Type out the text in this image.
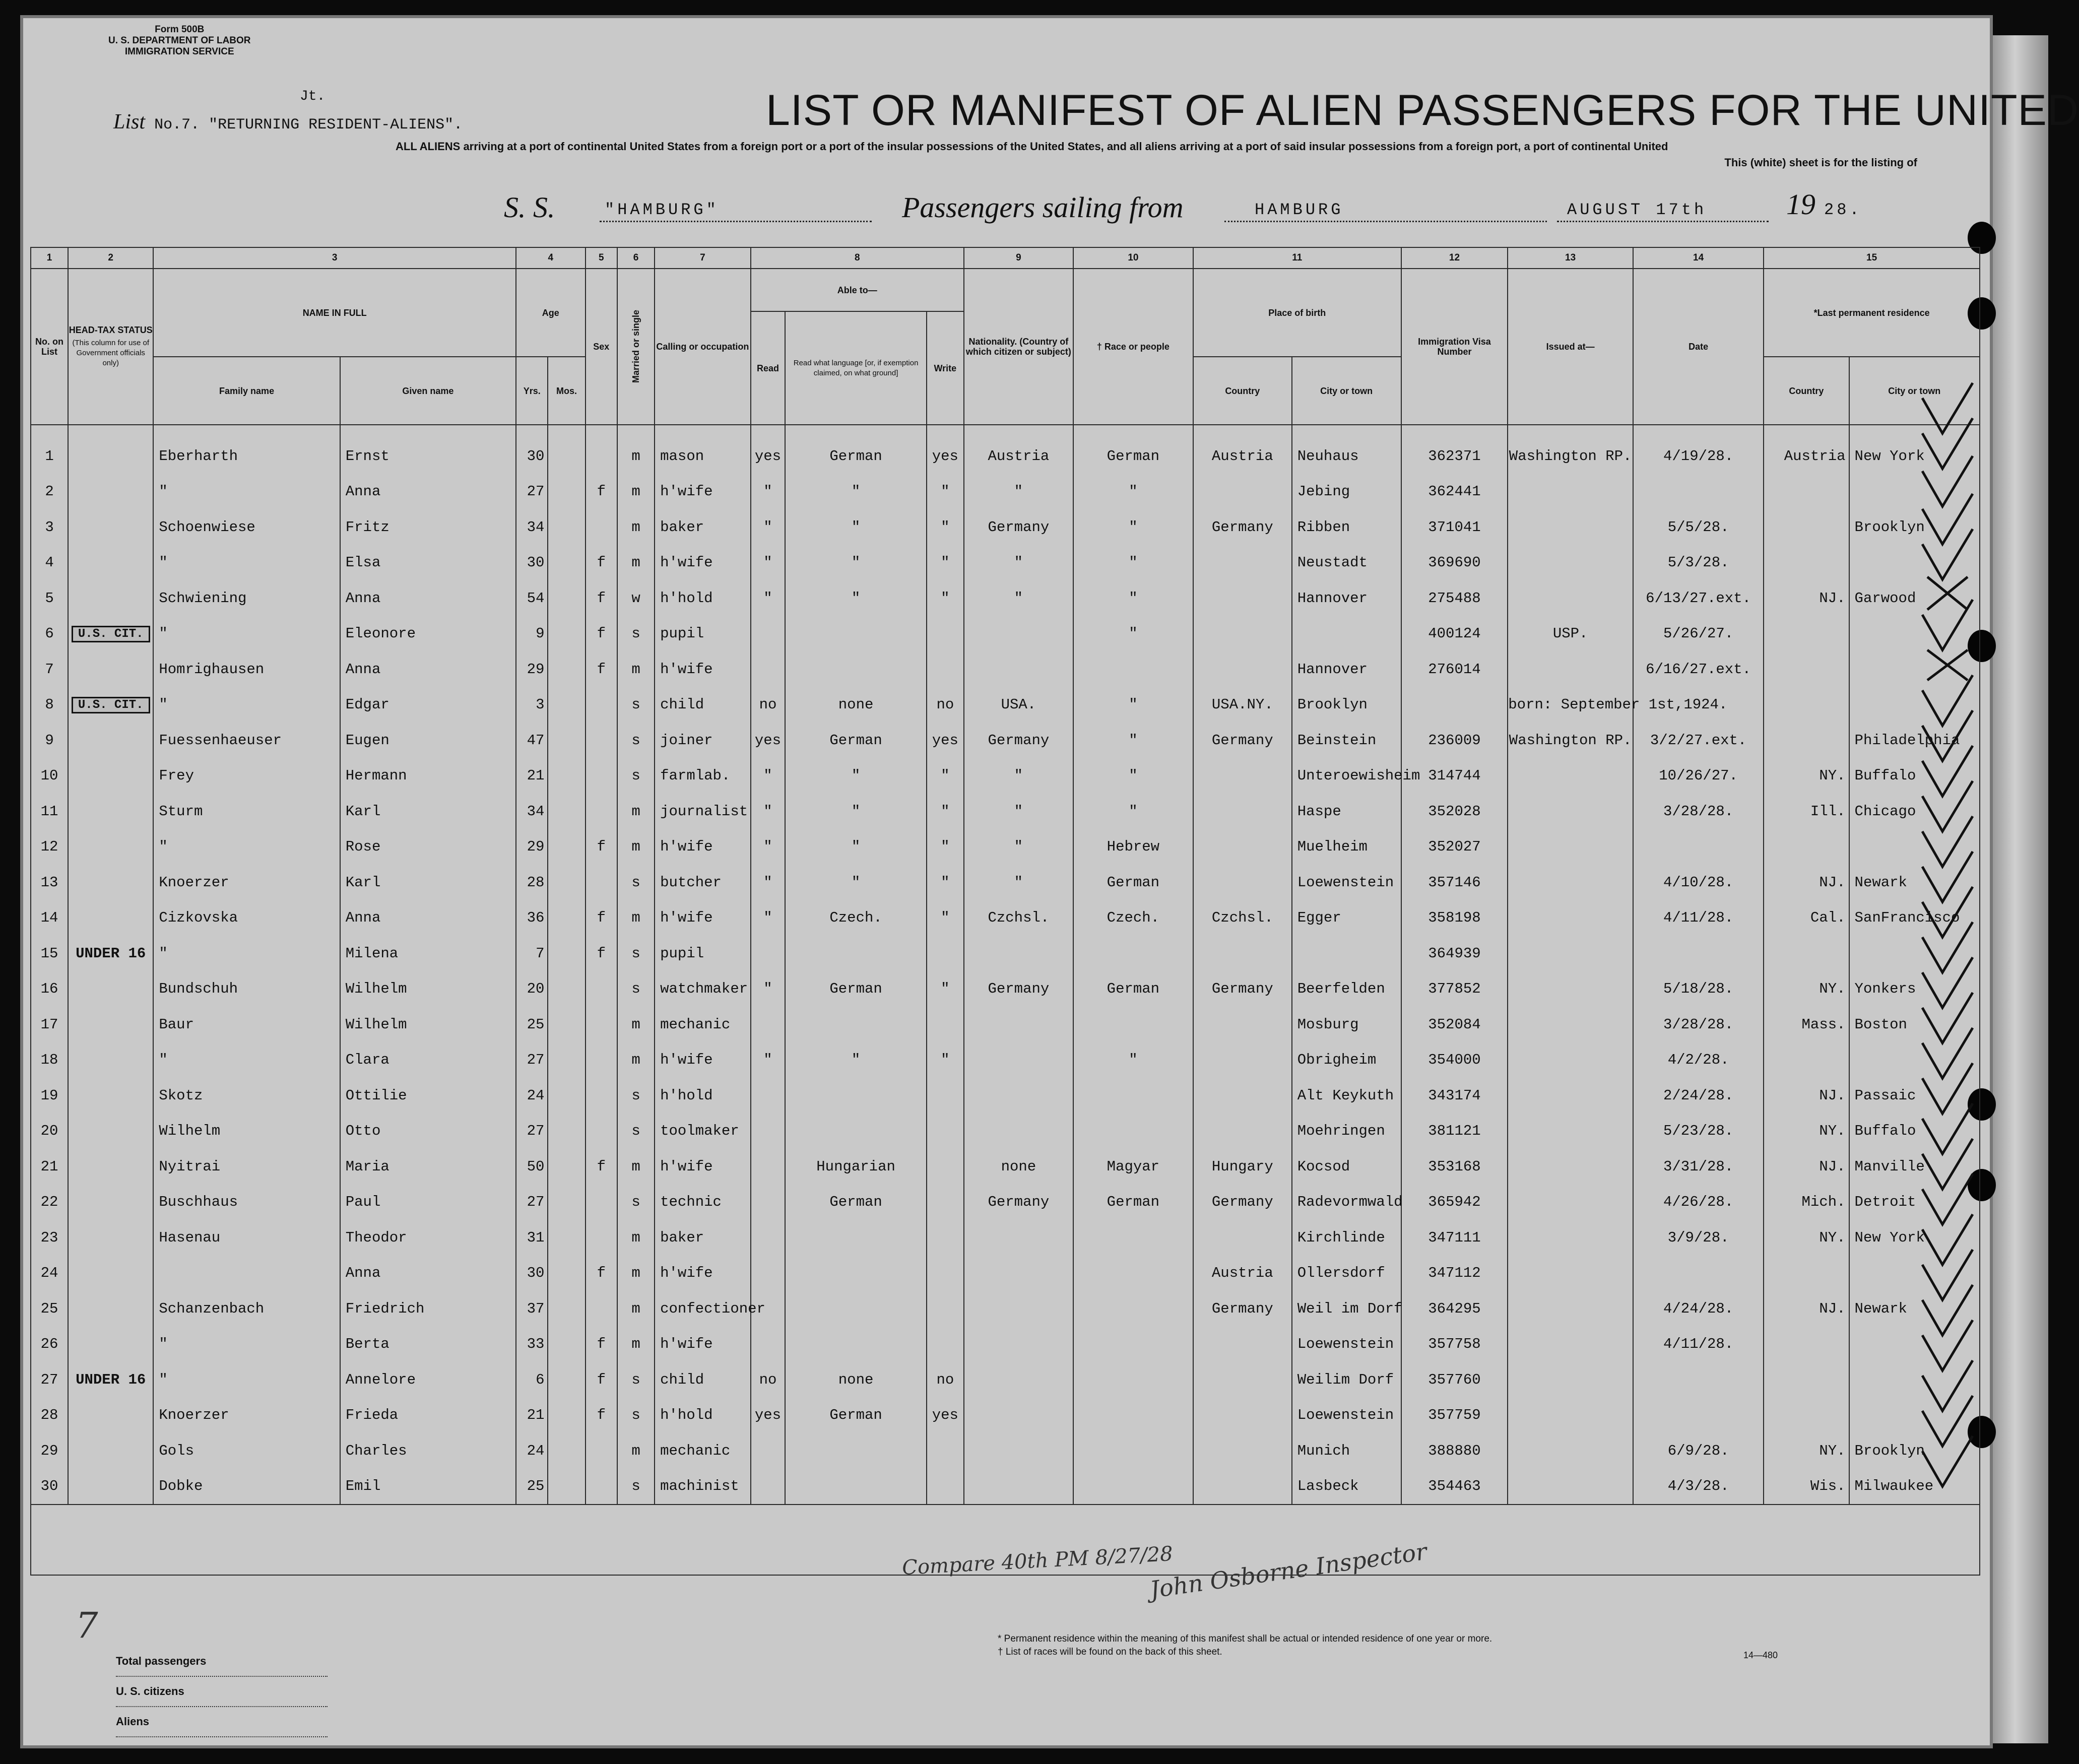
Form 500B
U. S. DEPARTMENT OF LABOR
IMMIGRATION SERVICE
Jt.
List No.7. "RETURNING RESIDENT-ALIENS".	LIST OR MANIFEST OF ALIEN PASSENGERS FOR THE UNITED
ALL ALIENS arriving at a port of continental United States from a foreign port or a port of the insular possessions of the United States, and all aliens arriving at a port of said insular possessions from a foreign port, a port of continental United
This (white) sheet is for the listing of
S. S.	"HAMBURG"	Passengers sailing from	HAMBURG	AUGUST 17th	19 28.
1	2	3		4		5	6	7	8			9	10	11		12	13	14	15	
No. on List	HEAD-TAX STATUS
(This column for use of Government officials only)	NAME IN FULL		Age		Sex	Married or single	Calling or occupation	Able to—			Nationality. (Country of which citizen or subject)	† Race or people	Place of birth		Immigration Visa Number	Issued at—	Date	*Last permanent residence	
									Read	Read what language [or, if exemption claimed, on what ground]	Write									
		Family name	Given name	Yrs.	Mos.									Country	City or town				Country	City or town
1		Eberharth	Ernst	30			m	mason	yes	German	yes	Austria	German	Austria	Neuhaus	362371	Washington RP.	4/19/28.	Austria	New York
2		"	Anna	27		f	m	h'wife	"	"	"	"	"		Jebing	362441				
3		Schoenwiese	Fritz	34			m	baker	"	"	"	Germany	"	Germany	Ribben	371041		5/5/28.		Brooklyn
4		"	Elsa	30		f	m	h'wife	"	"	"	"	"		Neustadt	369690		5/3/28.		
5		Schwiening	Anna	54		f	w	h'hold	"	"	"	"	"		Hannover	275488		6/13/27.ext.	NJ.	Garwood
6	U.S. CIT.	"	Eleonore	9		f	s	pupil					"			400124	USP.	5/26/27.		
7		Homrighausen	Anna	29		f	m	h'wife							Hannover	276014		6/16/27.ext.		
8	U.S. CIT.	"	Edgar	3			s	child	no	none	no	USA.	"	USA.NY.	Brooklyn		born: September 1st,1924.			
9		Fuessenhaeuser	Eugen	47			s	joiner	yes	German	yes	Germany	"	Germany	Beinstein	236009	Washington RP.	3/2/27.ext.		Philadelphia
10		Frey	Hermann	21			s	farmlab.	"	"	"	"	"		Unteroewisheim	314744		10/26/27.	NY.	Buffalo
11		Sturm	Karl	34			m	journalist	"	"	"	"	"		Haspe	352028		3/28/28.	Ill.	Chicago
12		"	Rose	29		f	m	h'wife	"	"	"	"	Hebrew		Muelheim	352027				
13		Knoerzer	Karl	28			s	butcher	"	"	"	"	German		Loewenstein	357146		4/10/28.	NJ.	Newark
14		Cizkovska	Anna	36		f	m	h'wife	"	Czech.	"	Czchsl.	Czech.	Czchsl.	Egger	358198		4/11/28.	Cal.	SanFrancisco
15	UNDER 16	"	Milena	7		f	s	pupil								364939				
16		Bundschuh	Wilhelm	20			s	watchmaker	"	German	"	Germany	German	Germany	Beerfelden	377852		5/18/28.	NY.	Yonkers
17		Baur	Wilhelm	25			m	mechanic							Mosburg	352084		3/28/28.	Mass.	Boston
18		"	Clara	27			m	h'wife	"	"	"		"		Obrigheim	354000		4/2/28.		
19		Skotz	Ottilie	24			s	h'hold							Alt Keykuth	343174		2/24/28.	NJ.	Passaic
20		Wilhelm	Otto	27			s	toolmaker							Moehringen	381121		5/23/28.	NY.	Buffalo
21		Nyitrai	Maria	50		f	m	h'wife		Hungarian		none	Magyar	Hungary	Kocsod	353168		3/31/28.	NJ.	Manville
22		Buschhaus	Paul	27			s	technic		German		Germany	German	Germany	Radevormwald	365942		4/26/28.	Mich.	Detroit
23		Hasenau	Theodor	31			m	baker							Kirchlinde	347111		3/9/28.	NY.	New York
24			Anna	30		f	m	h'wife						Austria	Ollersdorf	347112				
25		Schanzenbach	Friedrich	37			m	confectioner						Germany	Weil im Dorf	364295		4/24/28.	NJ.	Newark
26		"	Berta	33		f	m	h'wife							Loewenstein	357758		4/11/28.		
27	UNDER 16	"	Annelore	6		f	s	child	no	none	no				Weilim Dorf	357760				
28		Knoerzer	Frieda	21		f	s	h'hold	yes	German	yes				Loewenstein	357759				
29		Gols	Charles	24			m	mechanic							Munich	388880		6/9/28.	NY.	Brooklyn
30		Dobke	Emil	25			s	machinist							Lasbeck	354463		4/3/28.	Wis.	Milwaukee

Compare 40th PM 8/27/28
John Osborne Inspector
7
Total passengers
U. S. citizens
Aliens
* Permanent residence within the meaning of this manifest shall be actual or intended residence of one year or more.
† List of races will be found on the back of this sheet.	14—480
